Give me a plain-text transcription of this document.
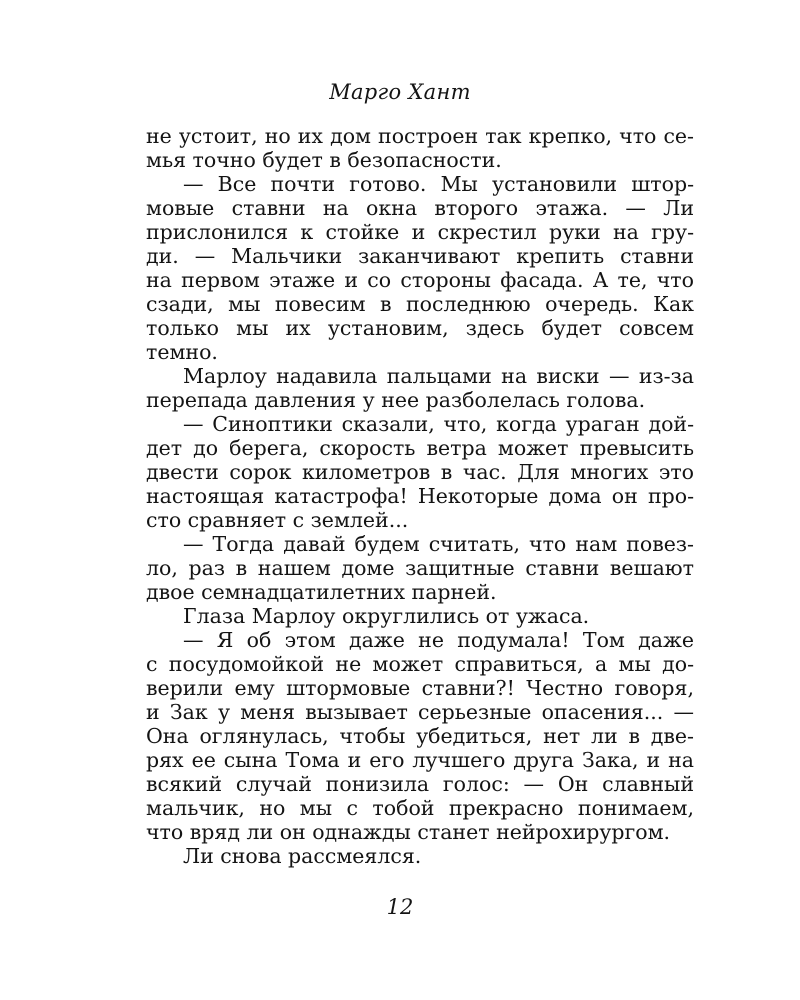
Марго Хант
не устоит, но их дом построен так крепко, что се-
мья точно будет в безопасности.
— Все почти готово. Мы установили штор-
мовые ставни на окна второго этажа. — Ли
прислонился к стойке и скрестил руки на гру-
ди. — Мальчики заканчивают крепить ставни
на первом этаже и со стороны фасада. А те, что
сзади, мы повесим в последнюю очередь. Как
только мы их установим, здесь будет совсем
темно.
Марлоу надавила пальцами на виски — из-за
перепада давления у нее разболелась голова.
— Синоптики сказали, что, когда ураган дой-
дет до берега, скорость ветра может превысить
двести сорок километров в час. Для многих это
настоящая катастрофа! Некоторые дома он про-
сто сравняет с землей...
— Тогда давай будем считать, что нам повез-
ло, раз в нашем доме защитные ставни вешают
двое семнадцатилетних парней.
Глаза Марлоу округлились от ужаса.
— Я об этом даже не подумала! Том даже
с посудомойкой не может справиться, а мы до-
верили ему штормовые ставни?! Честно говоря,
и Зак у меня вызывает серьезные опасения... —
Она оглянулась, чтобы убедиться, нет ли в две-
рях ее сына Тома и его лучшего друга Зака, и на
всякий случай понизила голос: — Он славный
мальчик, но мы с тобой прекрасно понимаем,
что вряд ли он однажды станет нейрохирургом.
Ли снова рассмеялся.
12
